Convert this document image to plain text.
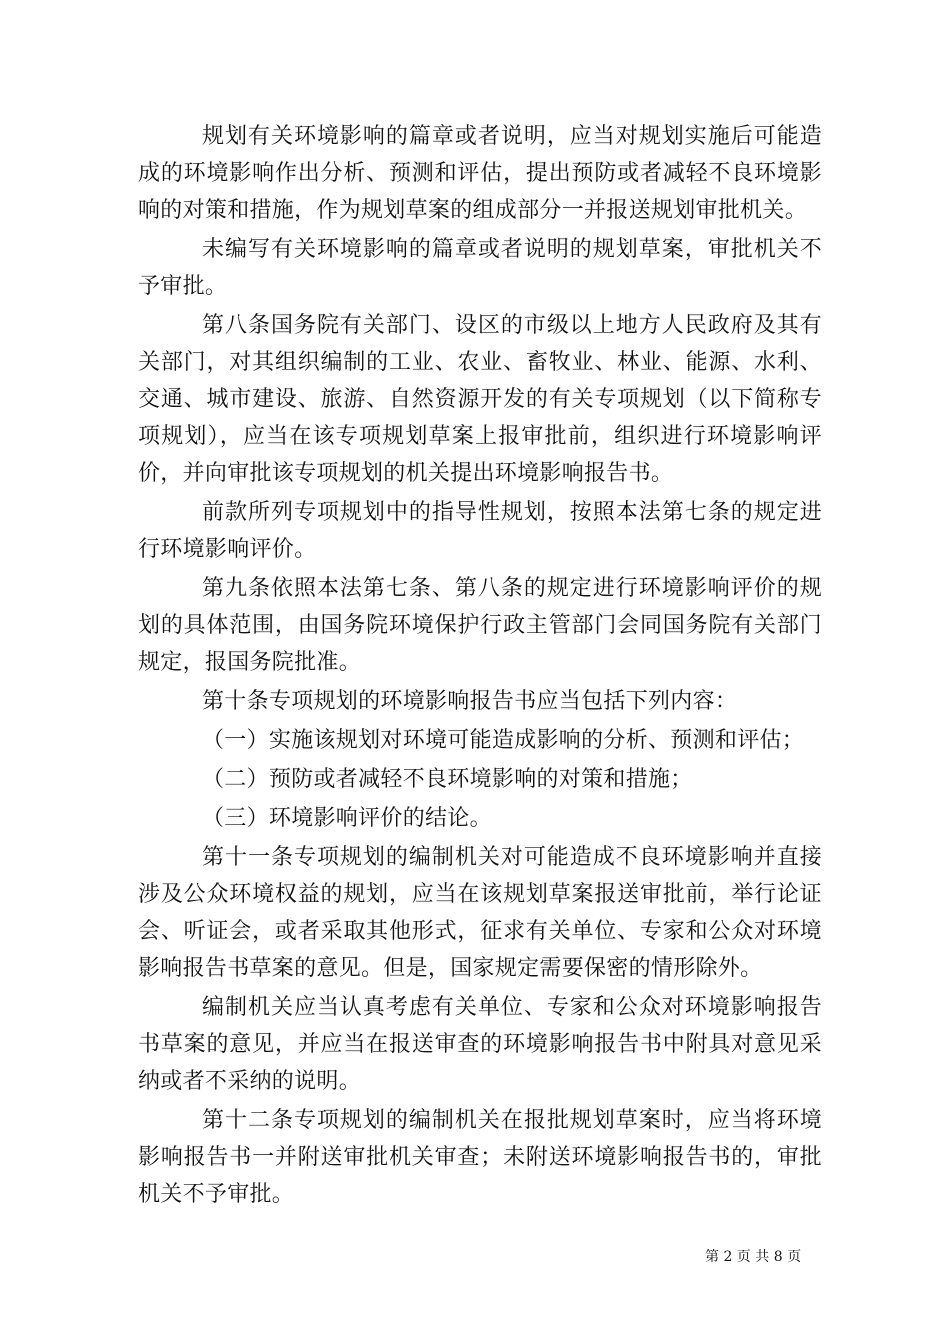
规划有关环境影响的篇章或者说明，应当对规划实施后可能造成的环境影响作出分析、预测和评估，提出预防或者减轻不良环境影响的对策和措施，作为规划草案的组成部分一并报送规划审批机关。

未编写有关环境影响的篇章或者说明的规划草案，审批机关不予审批。

第八条国务院有关部门、设区的市级以上地方人民政府及其有关部门，对其组织编制的工业、农业、畜牧业、林业、能源、水利、交通、城市建设、旅游、自然资源开发的有关专项规划（以下简称专项规划），应当在该专项规划草案上报审批前，组织进行环境影响评价，并向审批该专项规划的机关提出环境影响报告书。

前款所列专项规划中的指导性规划，按照本法第七条的规定进行环境影响评价。

第九条依照本法第七条、第八条的规定进行环境影响评价的规划的具体范围，由国务院环境保护行政主管部门会同国务院有关部门规定，报国务院批准。

第十条专项规划的环境影响报告书应当包括下列内容：

（一）实施该规划对环境可能造成影响的分析、预测和评估；

（二）预防或者减轻不良环境影响的对策和措施；

（三）环境影响评价的结论。

第十一条专项规划的编制机关对可能造成不良环境影响并直接涉及公众环境权益的规划，应当在该规划草案报送审批前，举行论证会、听证会，或者采取其他形式，征求有关单位、专家和公众对环境影响报告书草案的意见。但是，国家规定需要保密的情形除外。

编制机关应当认真考虑有关单位、专家和公众对环境影响报告书草案的意见，并应当在报送审查的环境影响报告书中附具对意见采纳或者不采纳的说明。

第十二条专项规划的编制机关在报批规划草案时，应当将环境影响报告书一并附送审批机关审查；未附送环境影响报告书的，审批机关不予审批。

第 2 页 共 8 页
